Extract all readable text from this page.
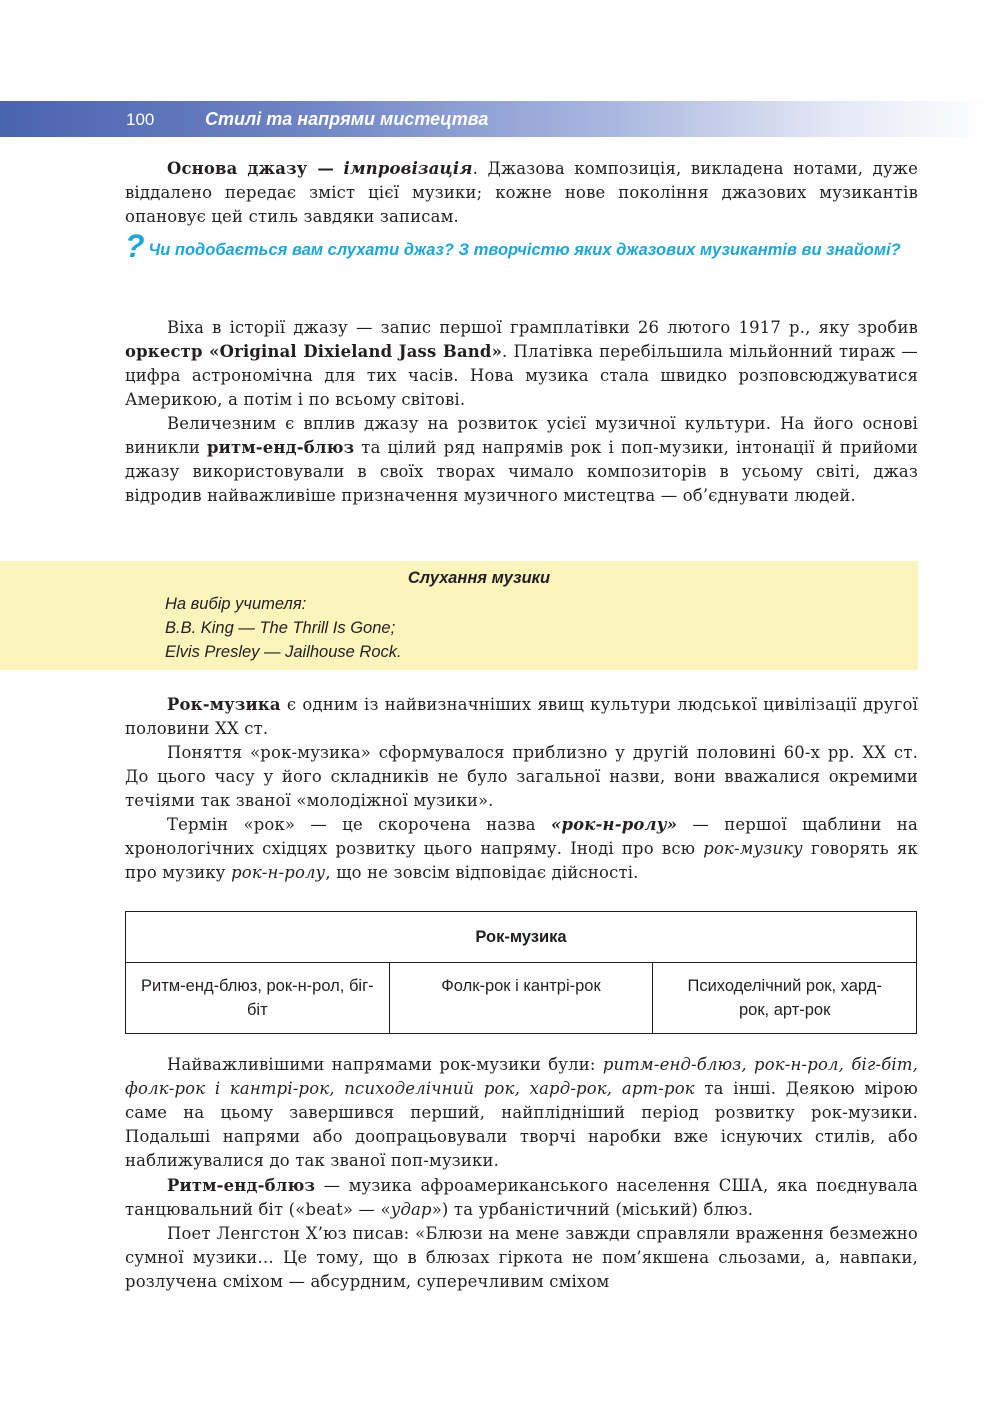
100	Стилі та напрями мистецтва

Основа джазу — імпровізація. Джазова композиція, викладена нотами, дуже віддалено передає зміст цієї музики; кожне нове покоління джазових музикантів опановує цей стиль завдяки записам.

? Чи подобається вам слухати джаз? З творчістю яких джазових музикантів ви знайомі?

Віха в історії джазу — запис першої грамплатівки 26 лютого 1917 р., яку зробив оркестр «Original Dixieland Jass Band». Платівка перебільшила мільйонний тираж — цифра астрономічна для тих часів. Нова музика стала швидко розповсюджуватися Америкою, а потім і по всьому світові.

Величезним є вплив джазу на розвиток усієї музичної культури. На його основі виникли ритм-енд-блюз та цілий ряд напрямів рок і поп-музики, інтонації й прийоми джазу використовували в своїх творах чимало композиторів в усьому світі, джаз відродив найважливіше призначення музичного мистецтва — об’єднувати людей.

Слухання музики
На вибір учителя:
B.B. King — The Thrill Is Gone;
Elvis Presley — Jailhouse Rock.

Рок-музика є одним із найвизначніших явищ культури людської цивілізації другої половини ХХ ст.

Поняття «рок-музика» сформувалося приблизно у другій половині 60-х рр. ХХ ст. До цього часу у його складників не було загальної назви, вони вважалися окремими течіями так званої «молодіжної музики».

Термін «рок» — це скорочена назва «рок-н-ролу» — першої щаблини на хронологічних східцях розвитку цього напряму. Іноді про всю рок-музику говорять як про музику рок-н-ролу, що не зовсім відповідає дійсності.

Рок-музика
Ритм-енд-блюз, рок-н-рол, біг-біт	Фолк-рок і кантрі-рок	Психоделічний рок, хард-рок, арт-рок

Найважливішими напрямами рок-музики були: ритм-енд-блюз, рок-н-рол, біг-біт, фолк-рок і кантрі-рок, психоделічний рок, хард-рок, арт-рок та інші. Деякою мірою саме на цьому завершився перший, найплідніший період розвитку рок-музики. Подальші напрями або доопрацьовували творчі наробки вже існуючих стилів, або наближувалися до так званої поп-музики.

Ритм-енд-блюз — музика афроамериканського населення США, яка поєднувала танцювальний біт («beat» — «удар») та урбаністичний (міський) блюз.

Поет Ленгстон Х’юз писав: «Блюзи на мене завжди справляли враження безмежно сумної музики… Це тому, що в блюзах гіркота не пом’якшена сльозами, а, навпаки, розлучена сміхом — абсурдним, суперечливим сміхом
